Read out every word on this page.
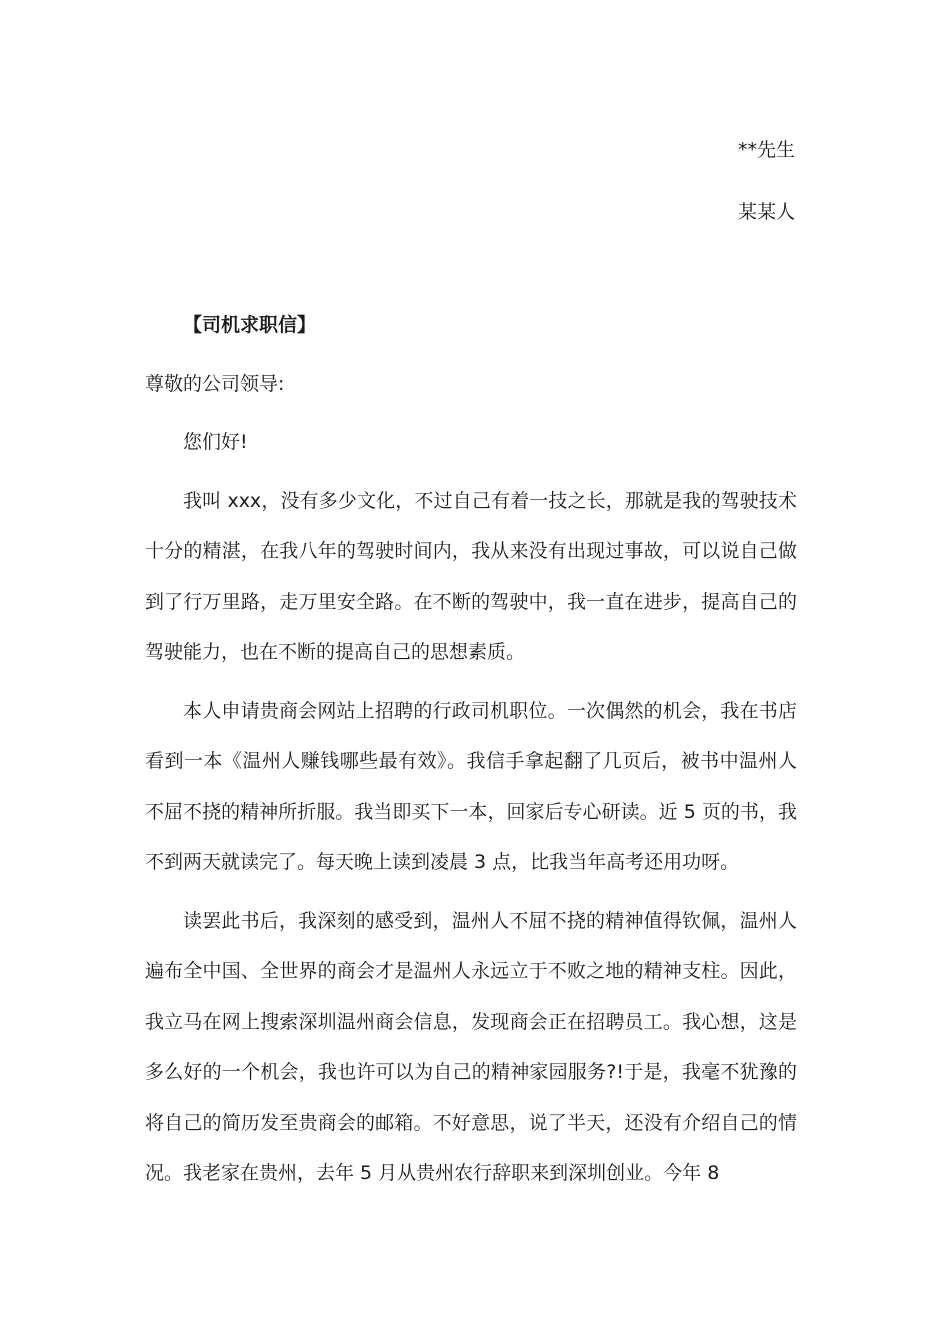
**先生
某某人

【司机求职信】

尊敬的公司领导:

您们好!

我叫 xxx，没有多少文化，不过自己有着一技之长，那就是我的驾驶技术十分的精湛，在我八年的驾驶时间内，我从来没有出现过事故，可以说自己做到了行万里路，走万里安全路。在不断的驾驶中，我一直在进步，提高自己的驾驶能力，也在不断的提高自己的思想素质。

本人申请贵商会网站上招聘的行政司机职位。一次偶然的机会，我在书店看到一本《温州人赚钱哪些最有效》。我信手拿起翻了几页后，被书中温州人不屈不挠的精神所折服。我当即买下一本，回家后专心研读。近 5 页的书，我不到两天就读完了。每天晚上读到凌晨 3 点，比我当年高考还用功呀。

读罢此书后，我深刻的感受到，温州人不屈不挠的精神值得钦佩，温州人遍布全中国、全世界的商会才是温州人永远立于不败之地的精神支柱。因此，我立马在网上搜索深圳温州商会信息，发现商会正在招聘员工。我心想，这是多么好的一个机会，我也许可以为自己的精神家园服务?!于是，我毫不犹豫的将自己的简历发至贵商会的邮箱。不好意思，说了半天，还没有介绍自己的情况。我老家在贵州，去年 5 月从贵州农行辞职来到深圳创业。今年 8
